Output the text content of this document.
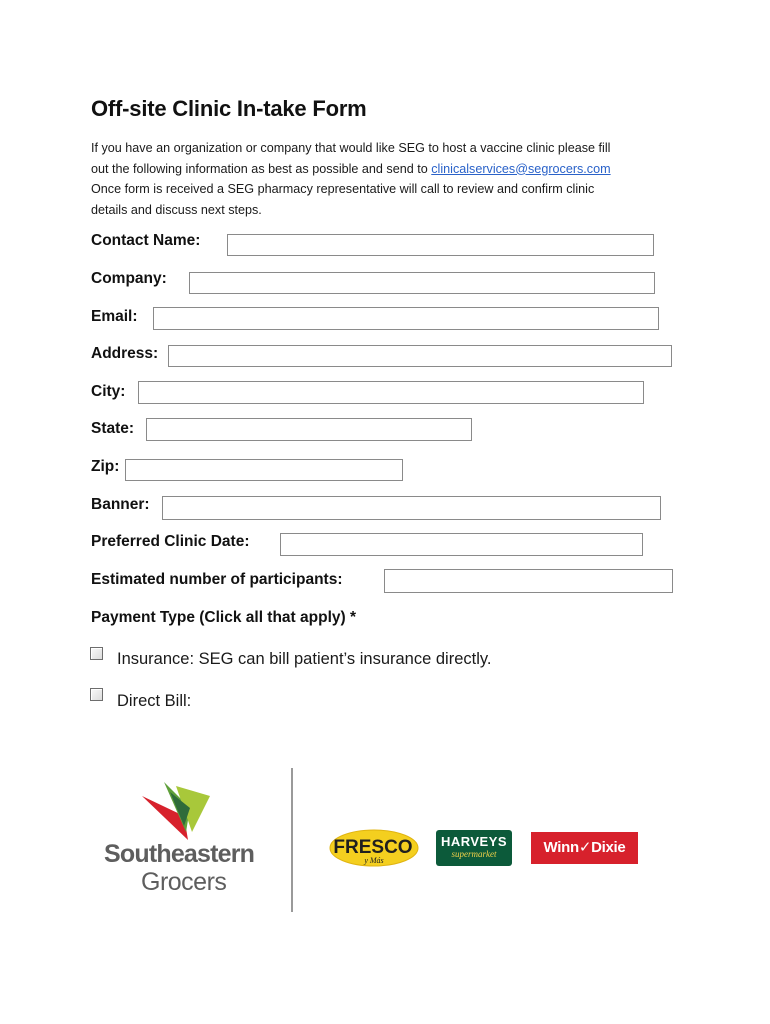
Off-site Clinic In-take Form
If you have an organization or company that would like SEG to host a vaccine clinic please fill
out the following information as best as possible and send to clinicalservices@segrocers.com
Once form is received a SEG pharmacy representative will call to review and confirm clinic
details and discuss next steps.
Contact Name:
Company:
Email:
Address:
City:
State:
Zip:
Banner:
Preferred Clinic Date:
Estimated number of participants:
Payment Type (Click all that apply) *
Insurance: SEG can bill patient’s insurance directly.
Direct Bill:
Southeastern
Grocers
FRESCO
y Más
HARVEYS
supermarket	Winn✓Dixie
